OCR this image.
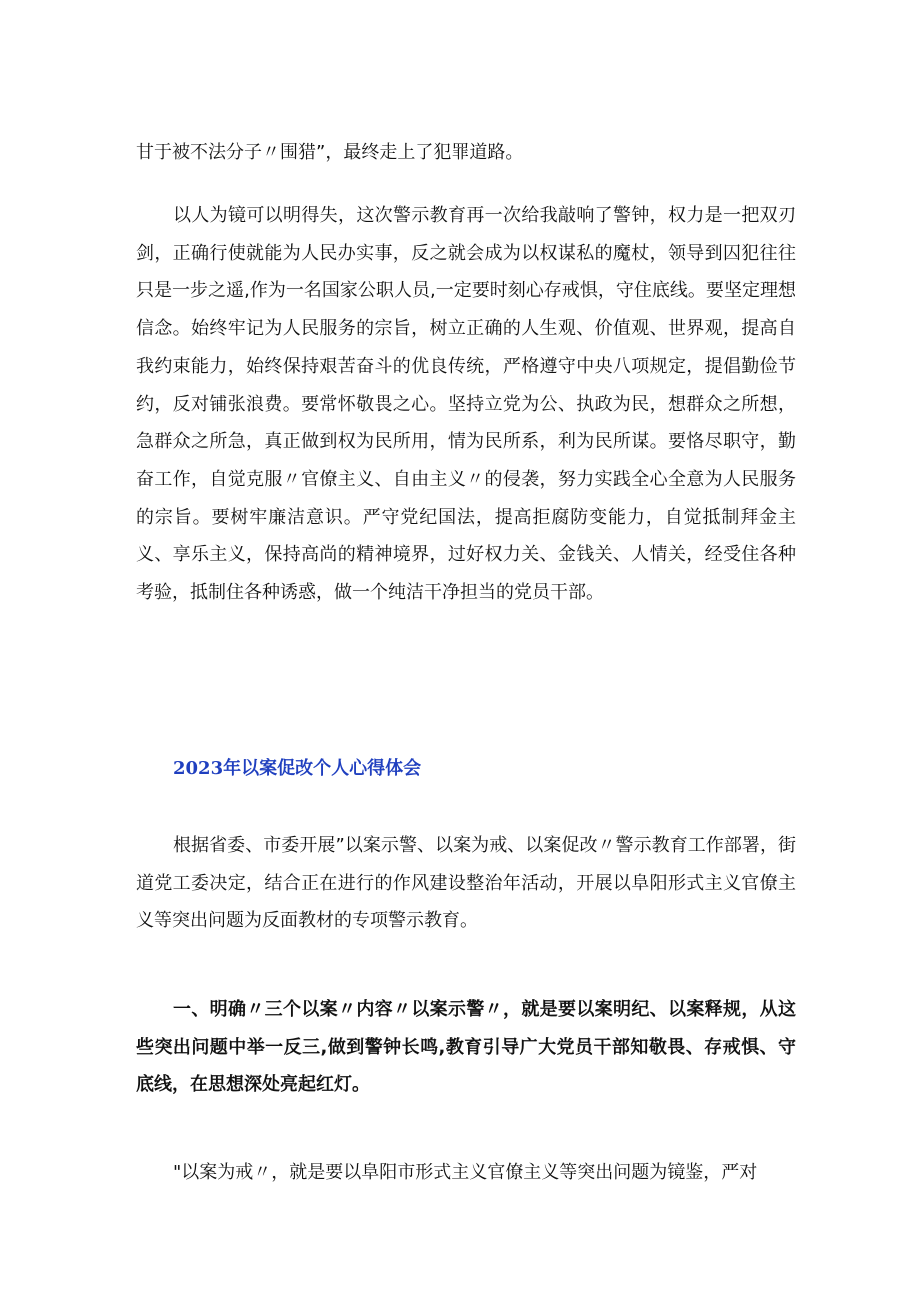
甘于被不法分子〃围猎”，最终走上了犯罪道路。

以人为镜可以明得失，这次警示教育再一次给我敲响了警钟，权力是一把双刃剑，正确行使就能为人民办实事，反之就会成为以权谋私的魔杖，领导到囚犯往往只是一步之遥,作为一名国家公职人员,一定要时刻心存戒惧，守住底线。要坚定理想信念。始终牢记为人民服务的宗旨，树立正确的人生观、价值观、世界观，提高自我约束能力，始终保持艰苦奋斗的优良传统，严格遵守中央八项规定，提倡勤俭节约，反对铺张浪费。要常怀敬畏之心。坚持立党为公、执政为民，想群众之所想，急群众之所急，真正做到权为民所用，情为民所系，利为民所谋。要恪尽职守，勤奋工作，自觉克服〃官僚主义、自由主义〃的侵袭，努力实践全心全意为人民服务的宗旨。要树牢廉洁意识。严守党纪国法，提高拒腐防变能力，自觉抵制拜金主义、享乐主义，保持高尚的精神境界，过好权力关、金钱关、人情关，经受住各种考验，抵制住各种诱惑，做一个纯洁干净担当的党员干部。

2023年以案促改个人心得体会

根据省委、市委开展”以案示警、以案为戒、以案促改〃警示教育工作部署，街道党工委决定，结合正在进行的作风建设整治年活动，开展以阜阳形式主义官僚主义等突出问题为反面教材的专项警示教育。

一、明确〃三个以案〃内容〃以案示警〃，就是要以案明纪、以案释规，从这些突出问题中举一反三,做到警钟长鸣,教育引导广大党员干部知敬畏、存戒惧、守底线，在思想深处亮起红灯。

"以案为戒〃，就是要以阜阳市形式主义官僚主义等突出问题为镜鉴，严对
